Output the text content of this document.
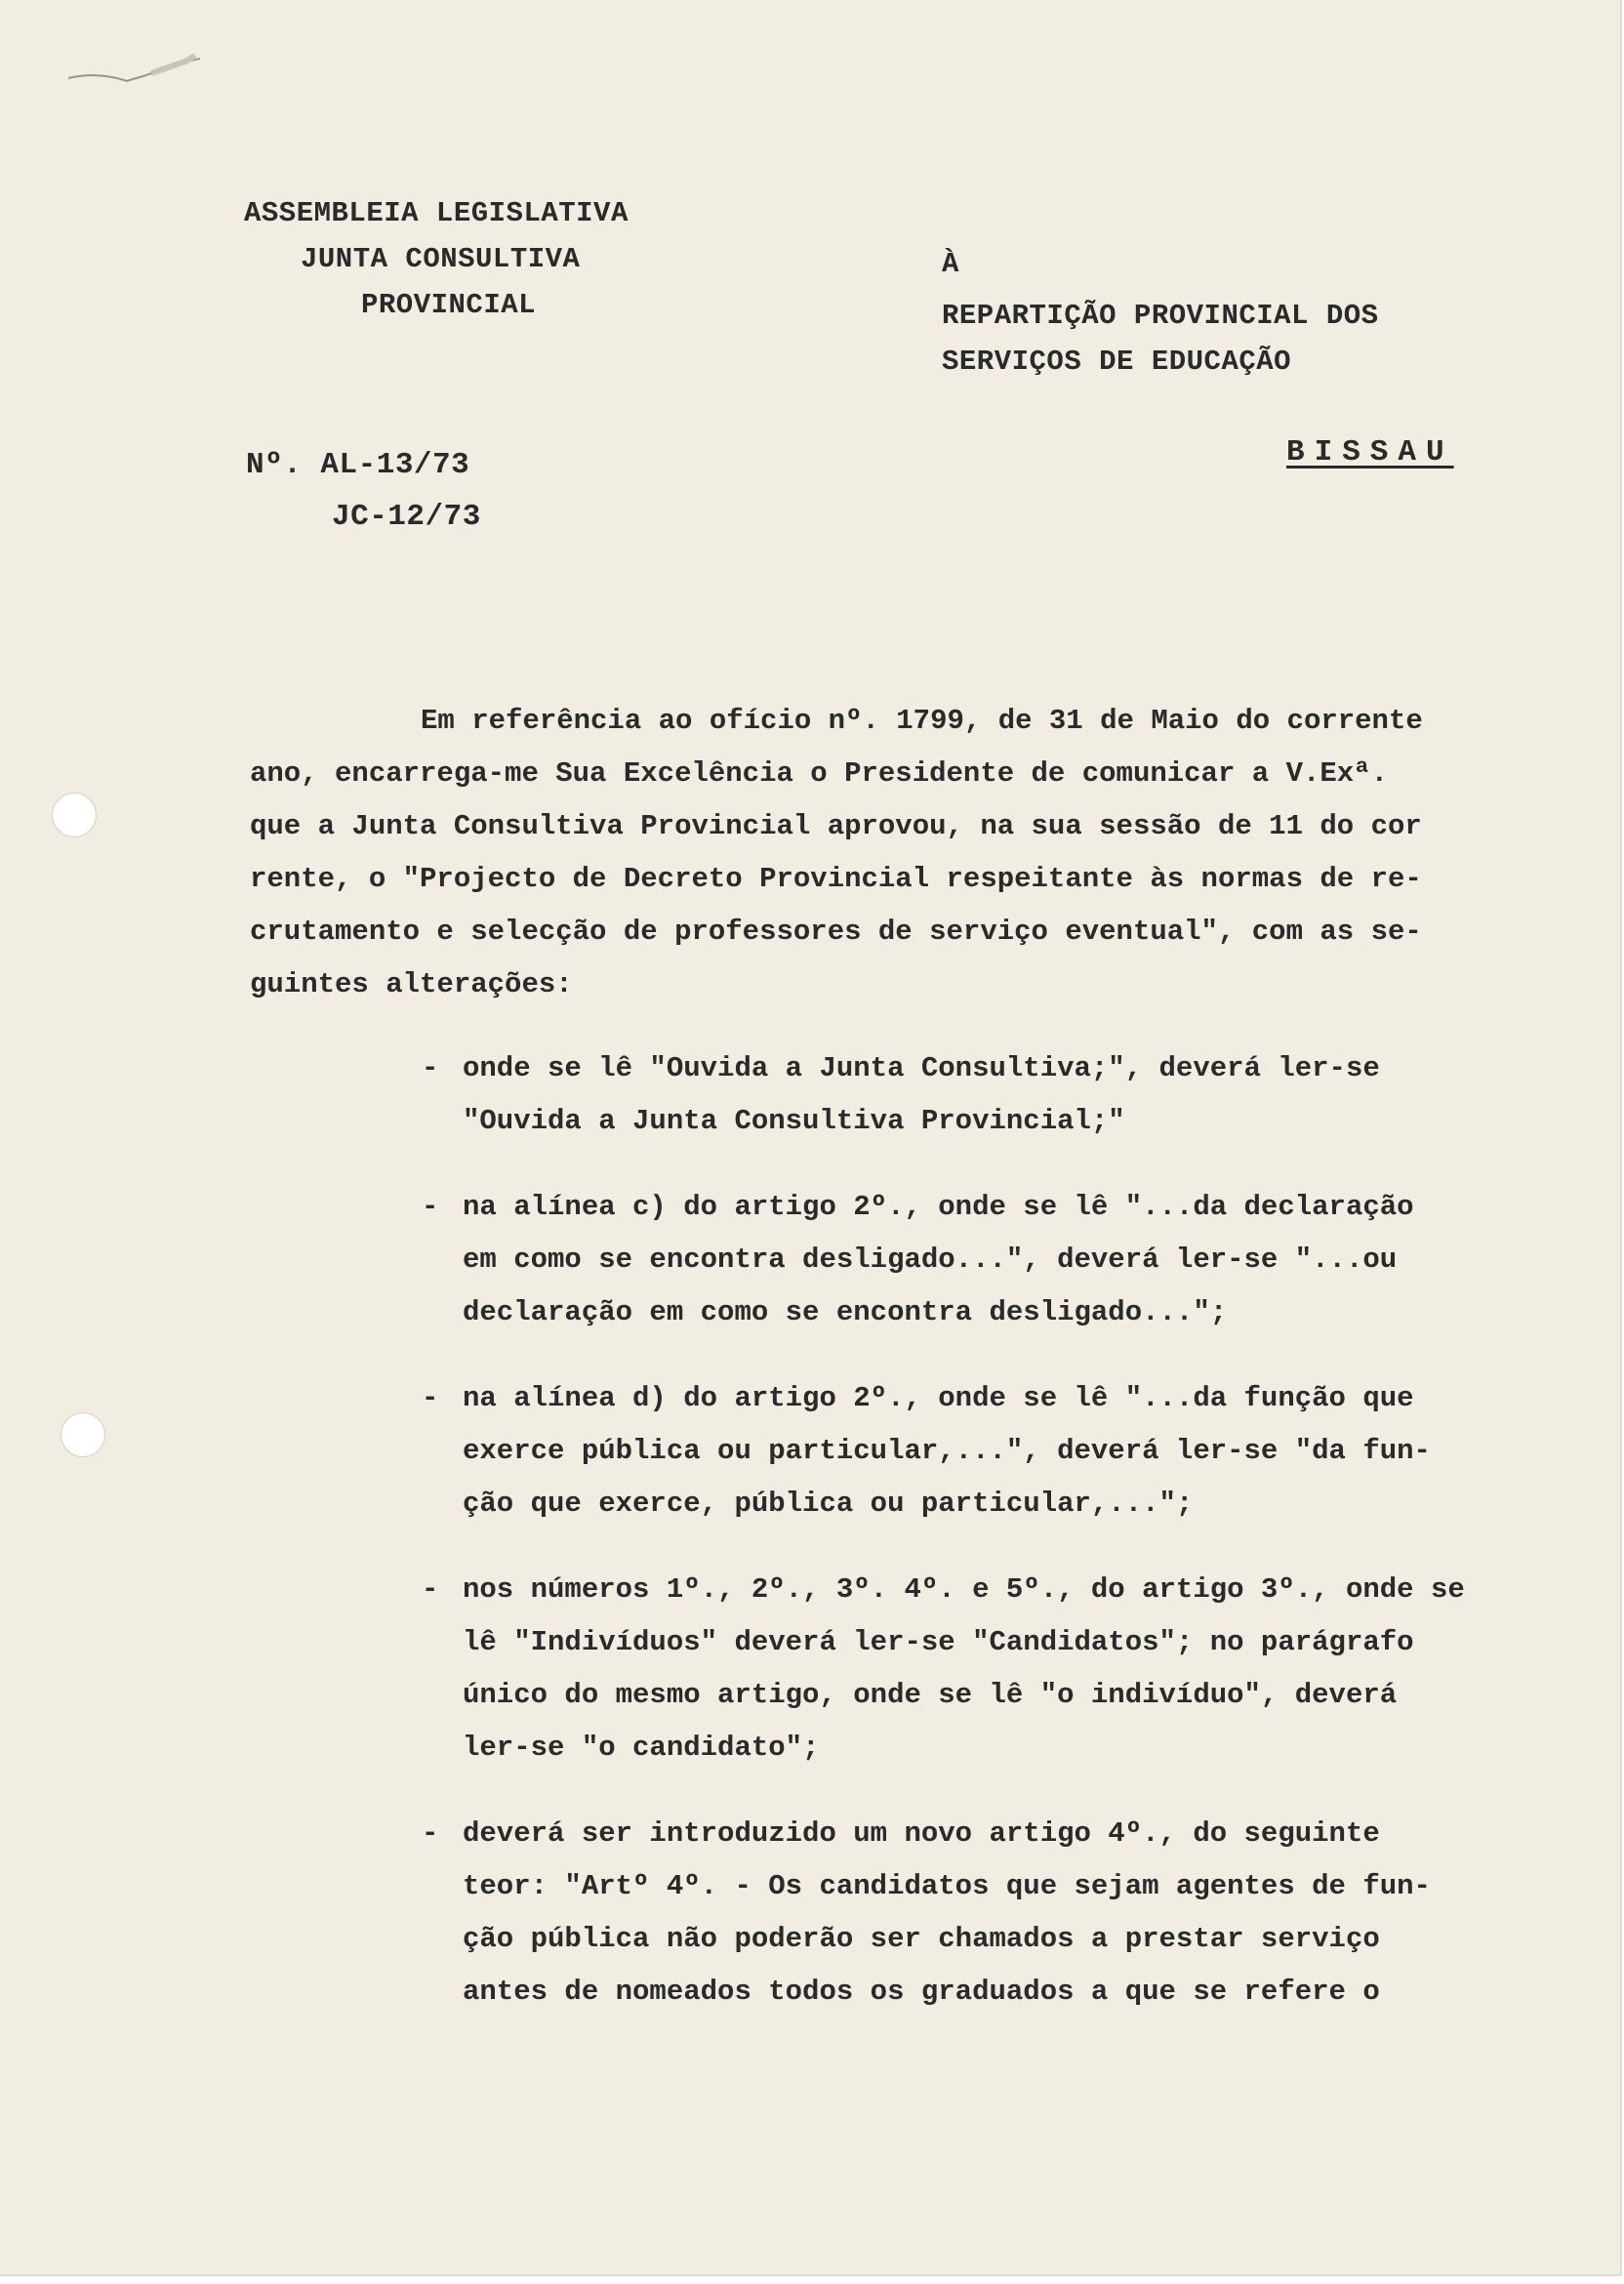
ASSEMBLEIA LEGISLATIVA
JUNTA CONSULTIVA
PROVINCIAL
À
REPARTIÇÃO PROVINCIAL DOS
SERVIÇOS DE EDUCAÇÃO
Nº. AL-13/73
JC-12/73
BISSAU
Em referência ao ofício nº. 1799, de 31 de Maio do corrente
ano, encarrega-me Sua Excelência o Presidente de comunicar a V.Exª.
que a Junta Consultiva Provincial aprovou, na sua sessão de 11 do cor
rente, o "Projecto de Decreto Provincial respeitante às normas de re-
crutamento e selecção de professores de serviço eventual", com as se-
guintes alterações:
- onde se lê "Ouvida a Junta Consultiva;", deverá ler-se
"Ouvida a Junta Consultiva Provincial;"
- na alínea c) do artigo 2º., onde se lê "...da declaração
em como se encontra desligado...", deverá ler-se "...ou
declaração em como se encontra desligado...";
- na alínea d) do artigo 2º., onde se lê "...da função que
exerce pública ou particular,...", deverá ler-se "da fun-
ção que exerce, pública ou particular,...";
- nos números 1º., 2º., 3º. 4º. e 5º., do artigo 3º., onde se
lê "Indivíduos" deverá ler-se "Candidatos"; no parágrafo
único do mesmo artigo, onde se lê "o indivíduo", deverá
ler-se "o candidato";
- deverá ser introduzido um novo artigo 4º., do seguinte
teor: "Artº 4º. - Os candidatos que sejam agentes de fun-
ção pública não poderão ser chamados a prestar serviço
antes de nomeados todos os graduados a que se refere o
